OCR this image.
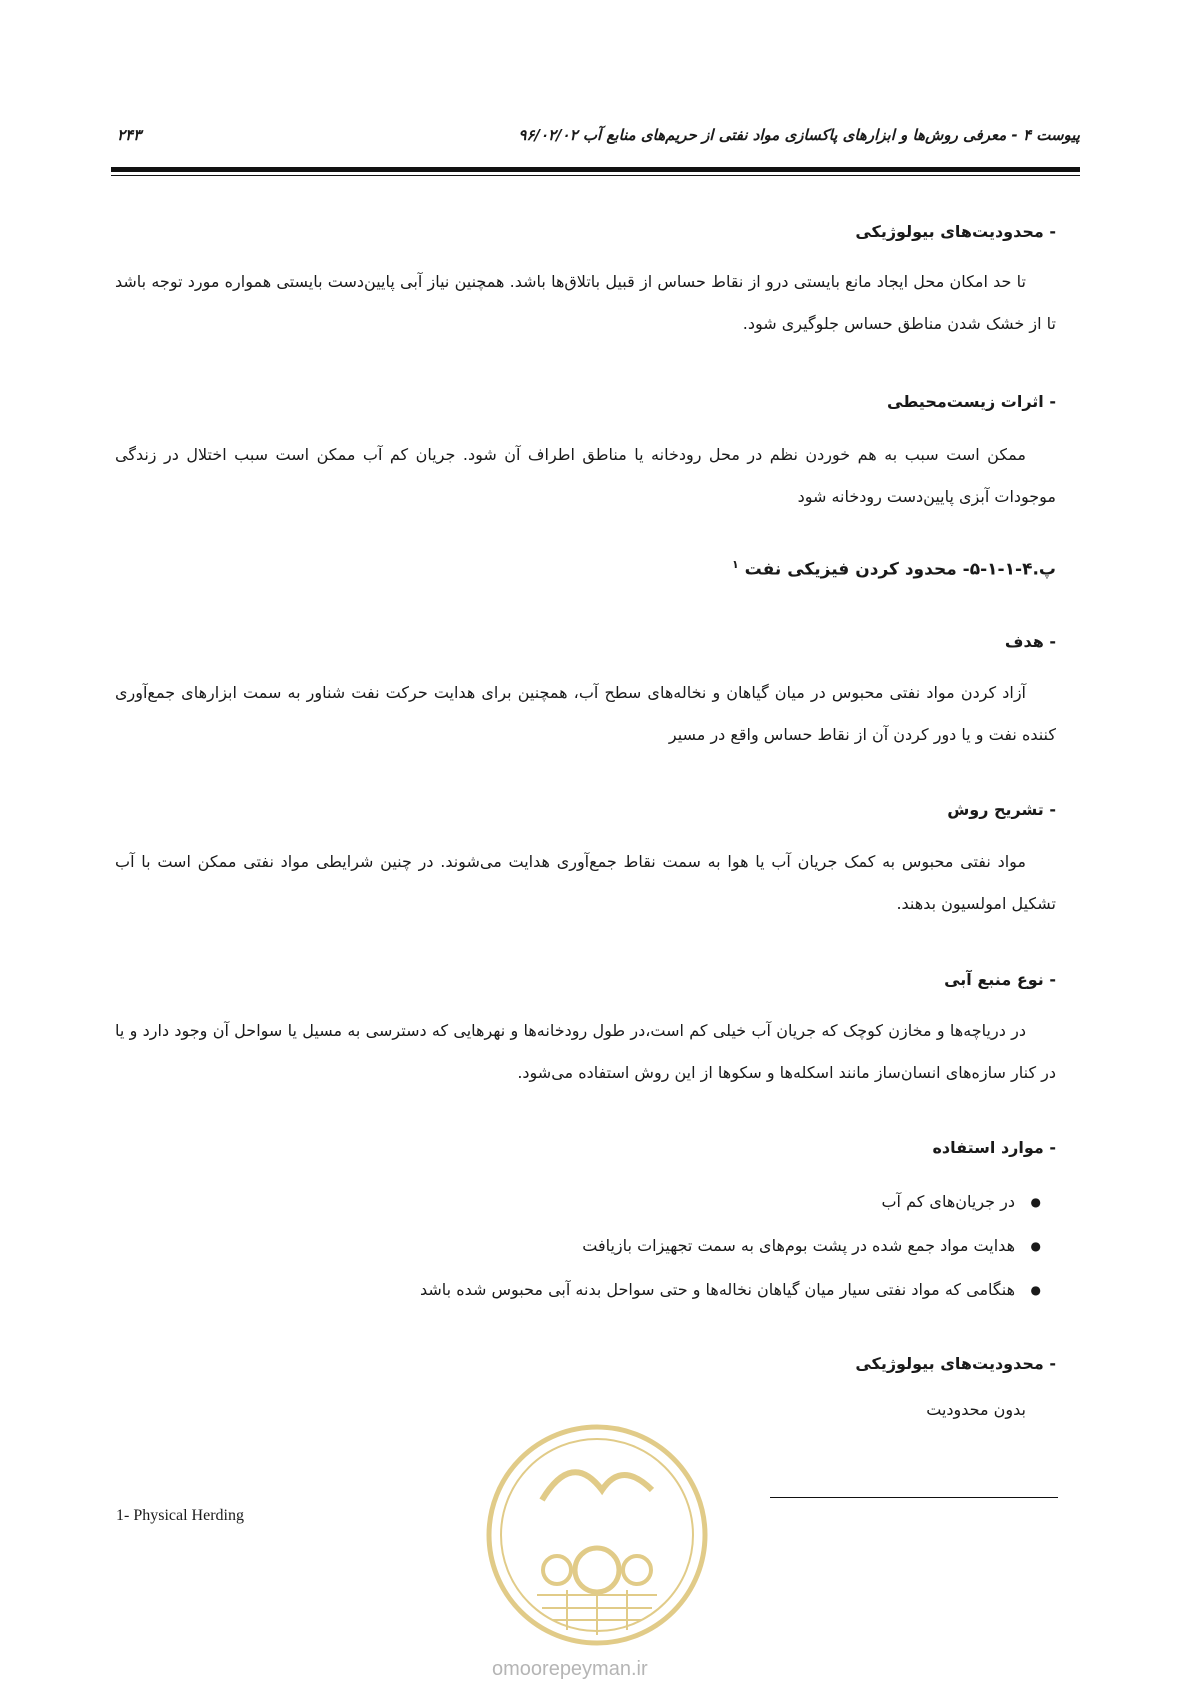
پیوست ۴ - معرفی روش‌ها و ابزارهای پاکسازی مواد نفتی از حریم‌های منابع آب ۹۶/۰۲/۰۲
۲۴۳
- محدودیت‌های بیولوژیکی
تا حد امکان محل ایجاد مانع بایستی درو از نقاط حساس از قبیل باتلاق‌ها باشد. همچنین نیاز آبی پایین‌دست بایستی همواره مورد توجه باشد تا از خشک شدن مناطق حساس جلوگیری شود.
- اثرات زیست‌محیطی
ممکن است سبب به هم خوردن نظم در محل رودخانه یا مناطق اطراف آن شود. جریان کم آب ممکن است سبب اختلال در زندگی موجودات آبزی پایین‌دست رودخانه شود
پ.۴-۱-۱-۵- محدود کردن فیزیکی نفت $^۱$
- هدف
آزاد کردن مواد نفتی محبوس در میان گیاهان و نخاله‌های سطح آب، همچنین برای هدایت حرکت نفت شناور به سمت ابزارهای جمع‌آوری کننده نفت و یا دور کردن آن از نقاط حساس واقع در مسیر
- تشریح روش
مواد نفتی محبوس به کمک جریان آب یا هوا به سمت نقاط جمع‌آوری هدایت می‌شوند. در چنین شرایطی مواد نفتی ممکن است با آب تشکیل امولسیون بدهند.
- نوع منبع آبی
در دریاچه‌ها و مخازن کوچک که جریان آب خیلی کم است،در طول رودخانه‌ها و نهرهایی که دسترسی به مسیل یا سواحل آن وجود دارد و یا در کنار سازه‌های انسان‌ساز مانند اسکله‌ها و سکوها از این روش استفاده می‌شود.
- موارد استفاده
● در جریان‌های کم آب
● هدایت مواد جمع شده در پشت بوم‌های به سمت تجهیزات بازیافت
● هنگامی که مواد نفتی سیار میان گیاهان نخاله‌ها و حتی سواحل بدنه آبی محبوس شده باشد
- محدودیت‌های بیولوژیکی
بدون محدودیت
omoorepeyman.ir
1- Physical Herding
